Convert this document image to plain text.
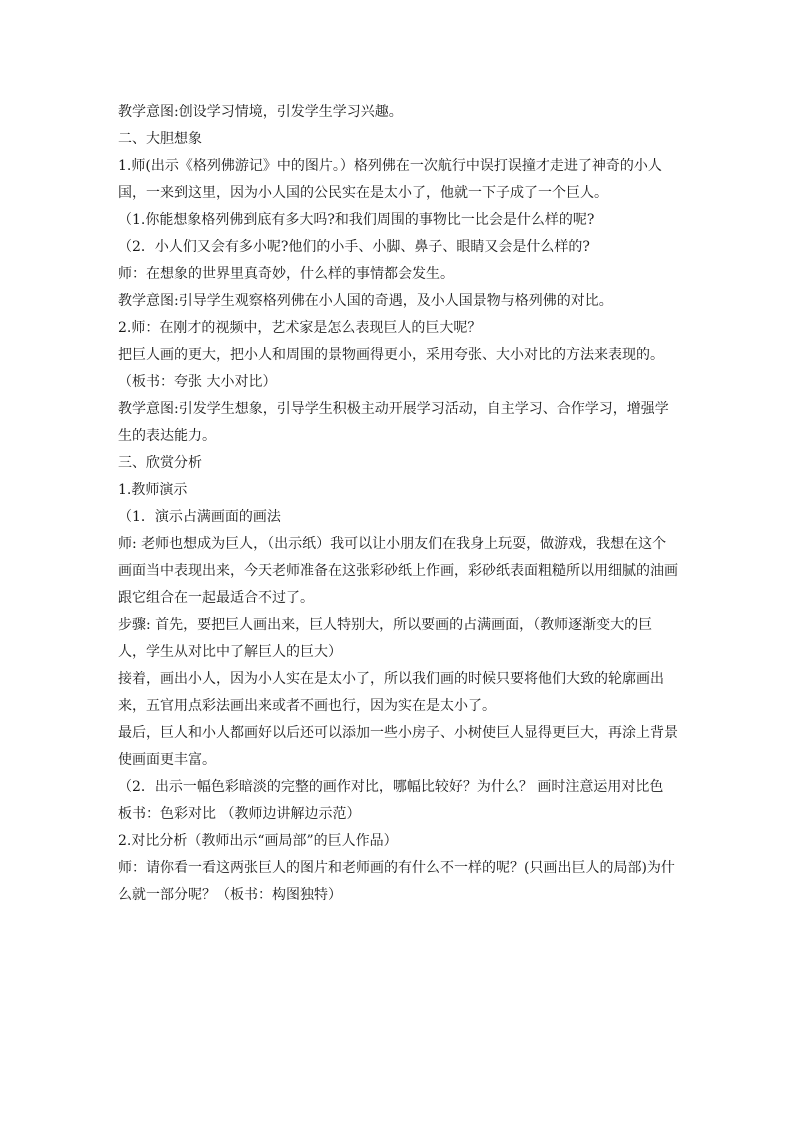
教学意图:创设学习情境，引发学生学习兴趣。

二、大胆想象

1.师(出示《格列佛游记》中的图片。）格列佛在一次航行中误打误撞才走进了神奇的小人国，一来到这里，因为小人国的公民实在是太小了，他就一下子成了一个巨人。

（1.你能想象格列佛到底有多大吗?和我们周围的事物比一比会是什么样的呢?

（2．小人们又会有多小呢?他们的小手、小脚、鼻子、眼睛又会是什么样的?

师：在想象的世界里真奇妙，什么样的事情都会发生。

教学意图:引导学生观察格列佛在小人国的奇遇，及小人国景物与格列佛的对比。

2.师：在刚才的视频中，艺术家是怎么表现巨人的巨大呢？

把巨人画的更大，把小人和周围的景物画得更小，采用夸张、大小对比的方法来表现的。

（板书：夸张 大小对比）

教学意图:引发学生想象，引导学生积极主动开展学习活动，自主学习、合作学习，增强学生的表达能力。

三、欣赏分析

1.教师演示

（1．演示占满画面的画法

师: 老师也想成为巨人，（出示纸）我可以让小朋友们在我身上玩耍，做游戏，我想在这个画面当中表现出来，今天老师准备在这张彩砂纸上作画，彩砂纸表面粗糙所以用细腻的油画跟它组合在一起最适合不过了。

步骤: 首先，要把巨人画出来，巨人特别大，所以要画的占满画面，（教师逐渐变大的巨人，学生从对比中了解巨人的巨大）

接着，画出小人，因为小人实在是太小了，所以我们画的时候只要将他们大致的轮廓画出来，五官用点彩法画出来或者不画也行，因为实在是太小了。

最后，巨人和小人都画好以后还可以添加一些小房子、小树使巨人显得更巨大，再涂上背景使画面更丰富。

（2．出示一幅色彩暗淡的完整的画作对比，哪幅比较好？为什么？ 画时注意运用对比色

板书：色彩对比 （教师边讲解边示范）

2.对比分析（教师出示“画局部”的巨人作品）

师：请你看一看这两张巨人的图片和老师画的有什么不一样的呢？(只画出巨人的局部)为什么就一部分呢？（板书：构图独特）
